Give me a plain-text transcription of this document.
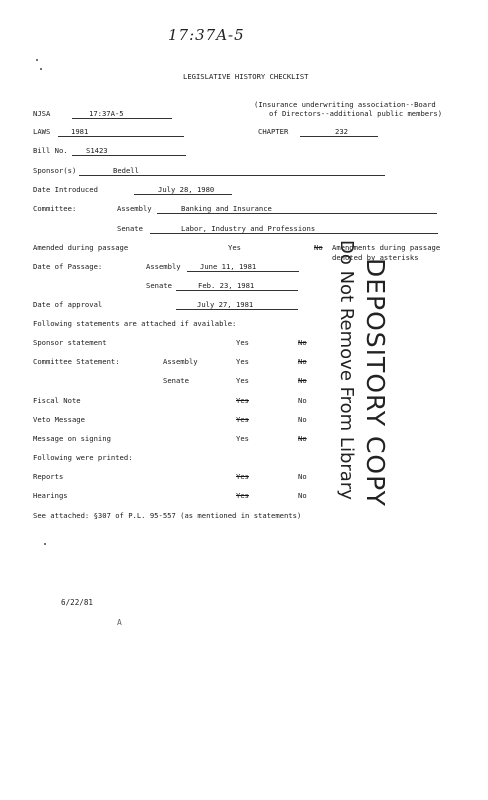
17:37A-5
LEGISLATIVE HISTORY CHECKLIST
NJSA	17:37A-5
(Insurance underwriting association--Board
of Directors--additional public members)
LAWS	1981	CHAPTER	232
Bill No.	S1423
Sponsor(s)	Bedell
Date Introduced	July 28, 1980
Committee:	Assembly	Banking and Insurance
Senate	Labor, Industry and Professions
Amended during passage	Yes	No Amendments during passage
denoted by asterisks
Date of Passage:	Assembly	June 11, 1981
Senate	Feb. 23, 1981
Date of approval	July 27, 1981
Following statements are attached if available:
Sponsor statement	Yes	No
Committee Statement:	Assembly	Yes	No
Senate	Yes	No
Fiscal Note	Yes	No
Veto Message	Yes	No
Message on signing	Yes	No
Following were printed:
Reports	Yes	No
Hearings	Yes	No
See attached: §307 of P.L. 95-557 (as mentioned in statements)
DEPOSITORY COPY
Do Not Remove From Library
6/22/81
A
